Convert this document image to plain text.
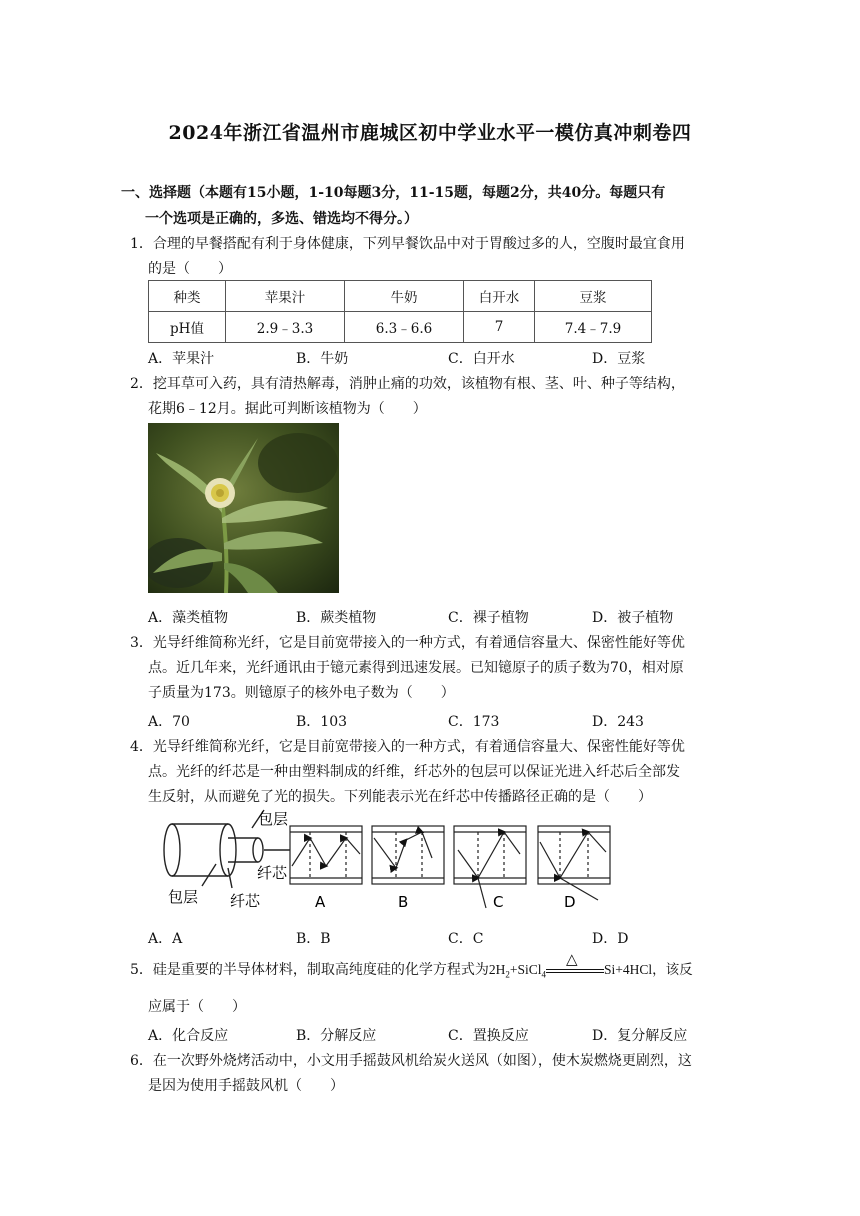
2024年浙江省温州市鹿城区初中学业水平一模仿真冲刺卷四
一、选择题（本题有15小题，1-10每题3分，11-15题，每题2分，共40分。每题只有
一个选项是正确的，多选、错选均不得分。）
1．合理的早餐搭配有利于身体健康，下列早餐饮品中对于胃酸过多的人，空腹时最宜食用
的是（　　）
种类	苹果汁	牛奶	白开水	豆浆
pH值	2.9﹣3.3	6.3﹣6.6	7	7.4﹣7.9
A．苹果汁	B．牛奶	C．白开水	D．豆浆
2．挖耳草可入药，具有清热解毒，消肿止痛的功效，该植物有根、茎、叶、种子等结构，
花期6﹣12月。据此可判断该植物为（　　）
A．藻类植物	B．蕨类植物	C．裸子植物	D．被子植物
3．光导纤维简称光纤，它是目前宽带接入的一种方式，有着通信容量大、保密性能好等优
点。近几年来，光纤通讯由于镱元素得到迅速发展。已知镱原子的质子数为70，相对原
子质量为173。则镱原子的核外电子数为（　　）
A．70	B．103	C．173	D．243
4．光导纤维简称光纤，它是目前宽带接入的一种方式，有着通信容量大、保密性能好等优
点。光纤的纤芯是一种由塑料制成的纤维，纤芯外的包层可以保证光进入纤芯后全部发
生反射，从而避免了光的损失。下列能表示光在纤芯中传播路径正确的是（　　）
包层
纤芯
包层 纤芯	A	B	C	D
A．A	B．B	C．C	D．D
5．硅是重要的半导体材料，制取高纯度硅的化学方程式为$2H_2+SiCl_4$
△
Si+4HCl，该反
应属于（　　）
A．化合反应	B．分解反应	C．置换反应	D．复分解反应
6．在一次野外烧烤活动中，小文用手摇鼓风机给炭火送风（如图），使木炭燃烧更剧烈，这
是因为使用手摇鼓风机（　　）
